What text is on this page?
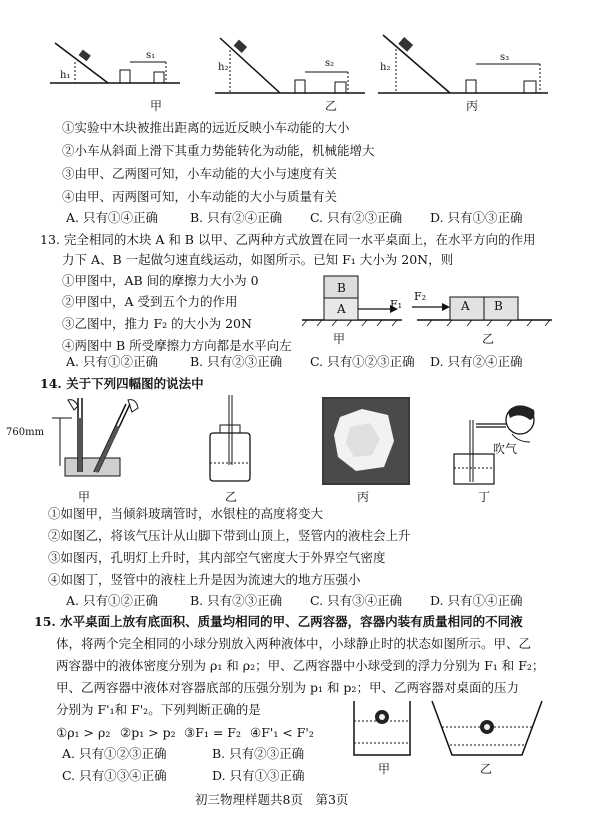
h₁
s₁
甲
h₂	s₂
乙
h₂
s₃
丙
①实验中木块被推出距离的远近反映小车动能的大小
②小车从斜面上滑下其重力势能转化为动能，机械能增大
③由甲、乙两图可知，小车动能的大小与速度有关
④由甲、丙两图可知，小车动能的大小与质量有关
A. 只有①④正确	B. 只有②④正确 C. 只有②③正确 D. 只有①③正确
13. 完全相同的木块 A 和 B 以甲、乙两种方式放置在同一水平桌面上，在水平方向的作用
力下 A、B 一起做匀速直线运动，如图所示。已知 F₁ 大小为 20N，则
①甲图中，AB 间的摩擦力大小为 0
②甲图中，A 受到五个力的作用
③乙图中，推力 F₂ 的大小为 20N
④两图中 B 所受摩擦力方向都是水平向左
B
A	F₁
甲
F₂
A B
乙
A. 只有①②正确	B. 只有②③正确 C. 只有①②③正确 D. 只有②④正确
14. 关于下列四幅图的说法中
760mm
甲	乙	丙
吹气
丁
①如图甲，当倾斜玻璃管时，水银柱的高度将变大
②如图乙，将该气压计从山脚下带到山顶上，竖管内的液柱会上升
③如图丙，孔明灯上升时，其内部空气密度大于外界空气密度
④如图丁，竖管中的液柱上升是因为流速大的地方压强小
A. 只有①②正确	B. 只有②③正确 C. 只有③④正确 D. 只有①④正确
15. 水平桌面上放有底面积、质量均相同的甲、乙两容器，容器内装有质量相同的不同液
体，将两个完全相同的小球分别放入两种液体中，小球静止时的状态如图所示。甲、乙
两容器中的液体密度分别为 ρ₁ 和 ρ₂；甲、乙两容器中小球受到的浮力分别为 F₁ 和 F₂；
甲、乙两容器中液体对容器底部的压强分别为 p₁ 和 p₂；甲、乙两容器对桌面的压力
分别为 F'₁和 F'₂。下列判断正确的是
①ρ₁ > ρ₂ ②p₁ > p₂ ③F₁ = F₂ ④F'₁ < F'₂
A. 只有①②③正确	B. 只有②③正确
C. 只有①③④正确	D. 只有①③正确	甲	乙
初三物理样题共8页　第3页
